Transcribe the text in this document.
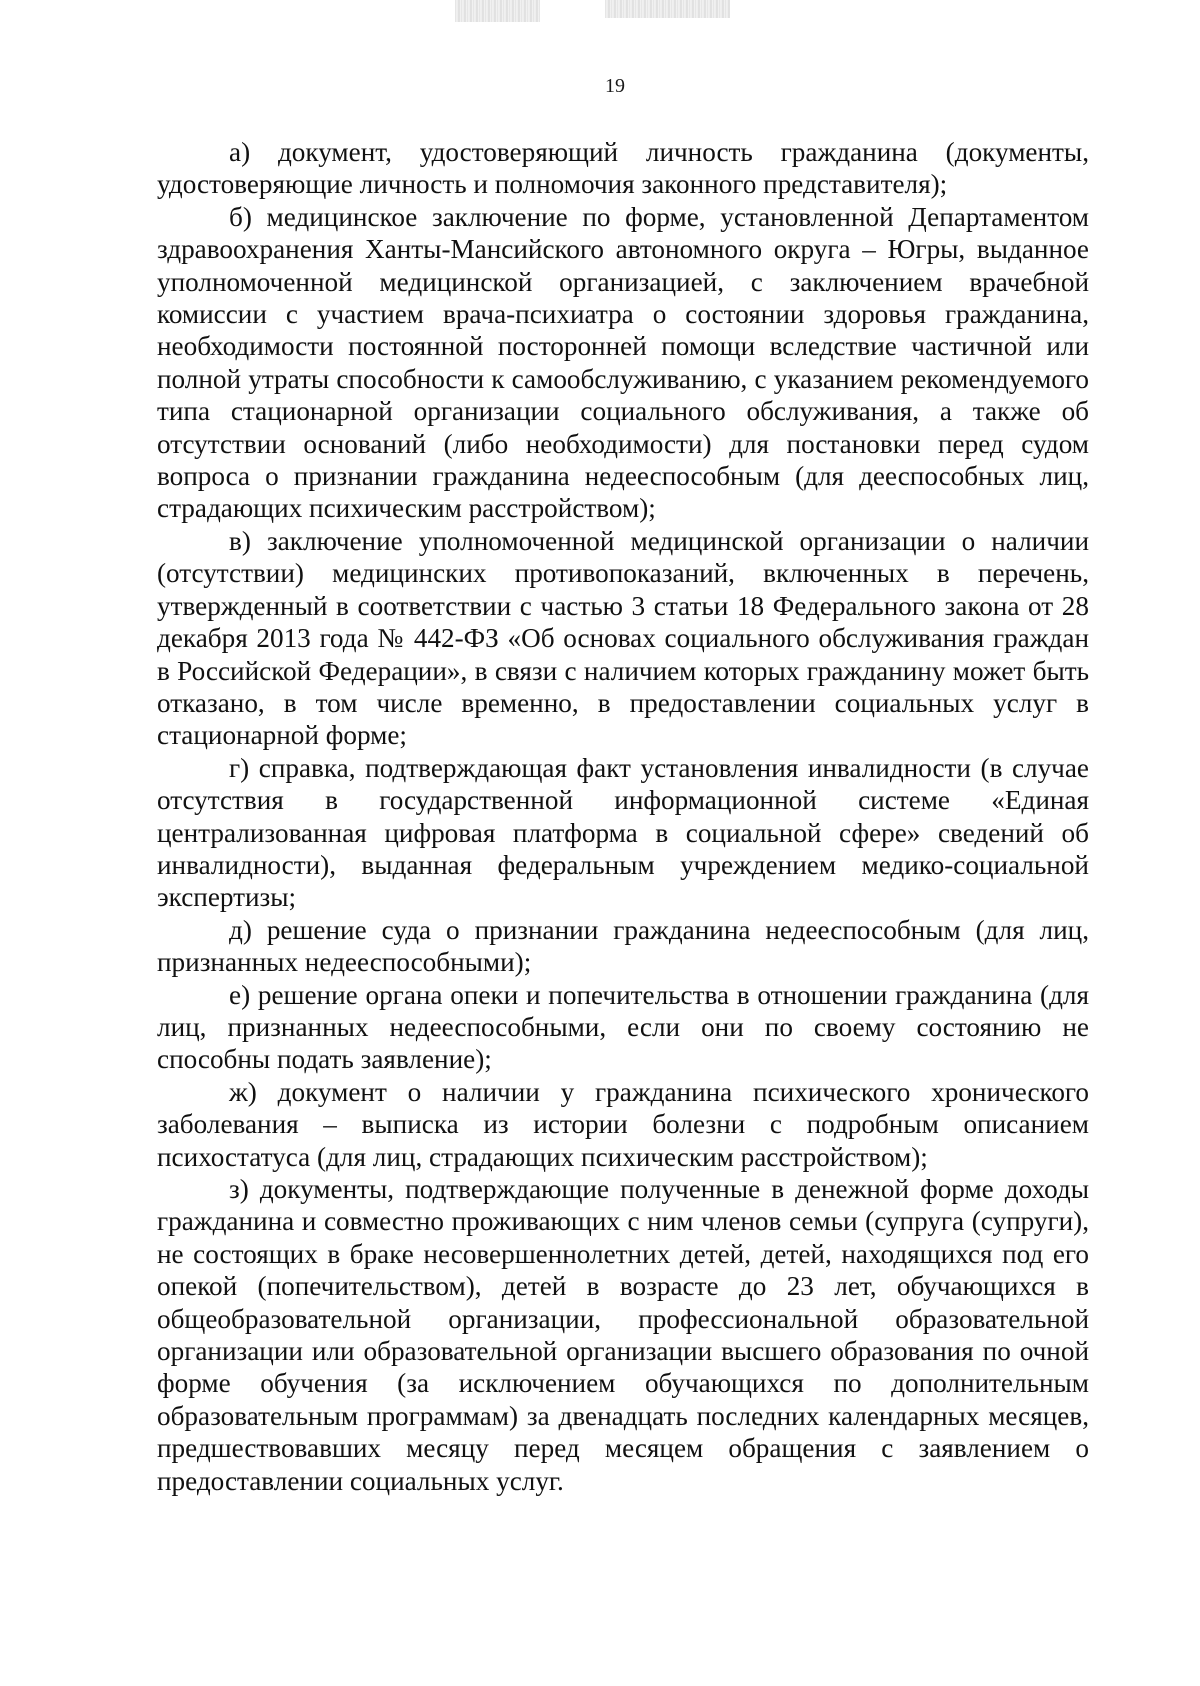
19

а) документ, удостоверяющий личность гражданина (документы, удостоверяющие личность и полномочия законного представителя);

б) медицинское заключение по форме, установленной Департаментом здравоохранения Ханты-Мансийского автономного округа – Югры, выданное уполномоченной медицинской организацией, с заключением врачебной комиссии с участием врача-психиатра о состоянии здоровья гражданина, необходимости постоянной посторонней помощи вследствие частичной или полной утраты способности к самообслуживанию, с указанием рекомендуемого типа стационарной организации социального обслуживания, а также об отсутствии оснований (либо необходимости) для постановки перед судом вопроса о признании гражданина недееспособным (для дееспособных лиц, страдающих психическим расстройством);

в) заключение уполномоченной медицинской организации о наличии (отсутствии) медицинских противопоказаний, включенных в перечень, утвержденный в соответствии с частью 3 статьи 18 Федерального закона от 28 декабря 2013 года № 442-ФЗ «Об основах социального обслуживания граждан в Российской Федерации», в связи с наличием которых гражданину может быть отказано, в том числе временно, в предоставлении социальных услуг в стационарной форме;

г) справка, подтверждающая факт установления инвалидности (в случае отсутствия в государственной информационной системе «Единая централизованная цифровая платформа в социальной сфере» сведений об инвалидности), выданная федеральным учреждением медико-социальной экспертизы;

д) решение суда о признании гражданина недееспособным (для лиц, признанных недееспособными);

е) решение органа опеки и попечительства в отношении гражданина (для лиц, признанных недееспособными, если они по своему состоянию не способны подать заявление);

ж) документ о наличии у гражданина психического хронического заболевания – выписка из истории болезни с подробным описанием психостатуса (для лиц, страдающих психическим расстройством);

з) документы, подтверждающие полученные в денежной форме доходы гражданина и совместно проживающих с ним членов семьи (супруга (супруги), не состоящих в браке несовершеннолетних детей, детей, находящихся под его опекой (попечительством), детей в возрасте до 23 лет, обучающихся в общеобразовательной организации, профессиональной образовательной организации или образовательной организации высшего образования по очной форме обучения (за исключением обучающихся по дополнительным образовательным программам) за двенадцать последних календарных месяцев, предшествовавших месяцу перед месяцем обращения с заявлением о предоставлении социальных услуг.
